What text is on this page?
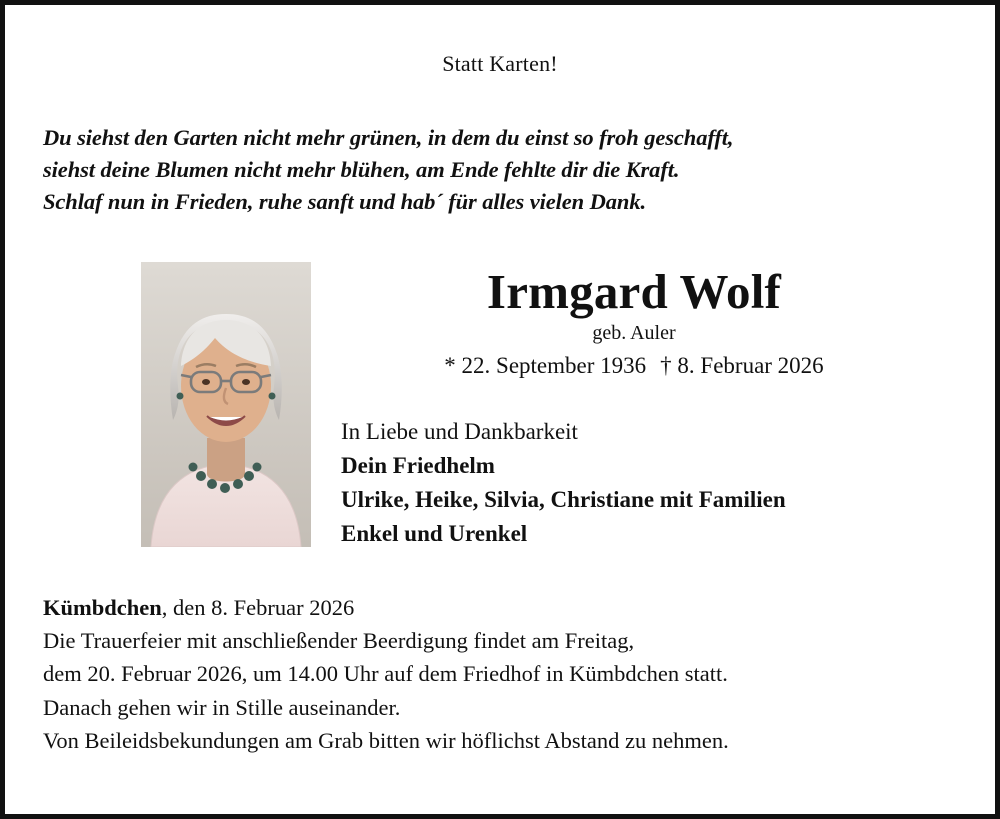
Statt Karten!
Du siehst den Garten nicht mehr grünen, in dem du einst so froh geschafft,
siehst deine Blumen nicht mehr blühen, am Ende fehlte dir die Kraft.
Schlaf nun in Frieden, ruhe sanft und hab´ für alles vielen Dank.
Irmgard Wolf
geb. Auler
* 22. September 1936 † 8. Februar 2026
In Liebe und Dankbarkeit
Dein Friedhelm
Ulrike, Heike, Silvia, Christiane mit Familien
Enkel und Urenkel
Kümbdchen, den 8. Februar 2026
Die Trauerfeier mit anschließender Beerdigung findet am Freitag,
dem 20. Februar 2026, um 14.00 Uhr auf dem Friedhof in Kümbdchen statt.
Danach gehen wir in Stille auseinander.
Von Beileidsbekundungen am Grab bitten wir höflichst Abstand zu nehmen.
